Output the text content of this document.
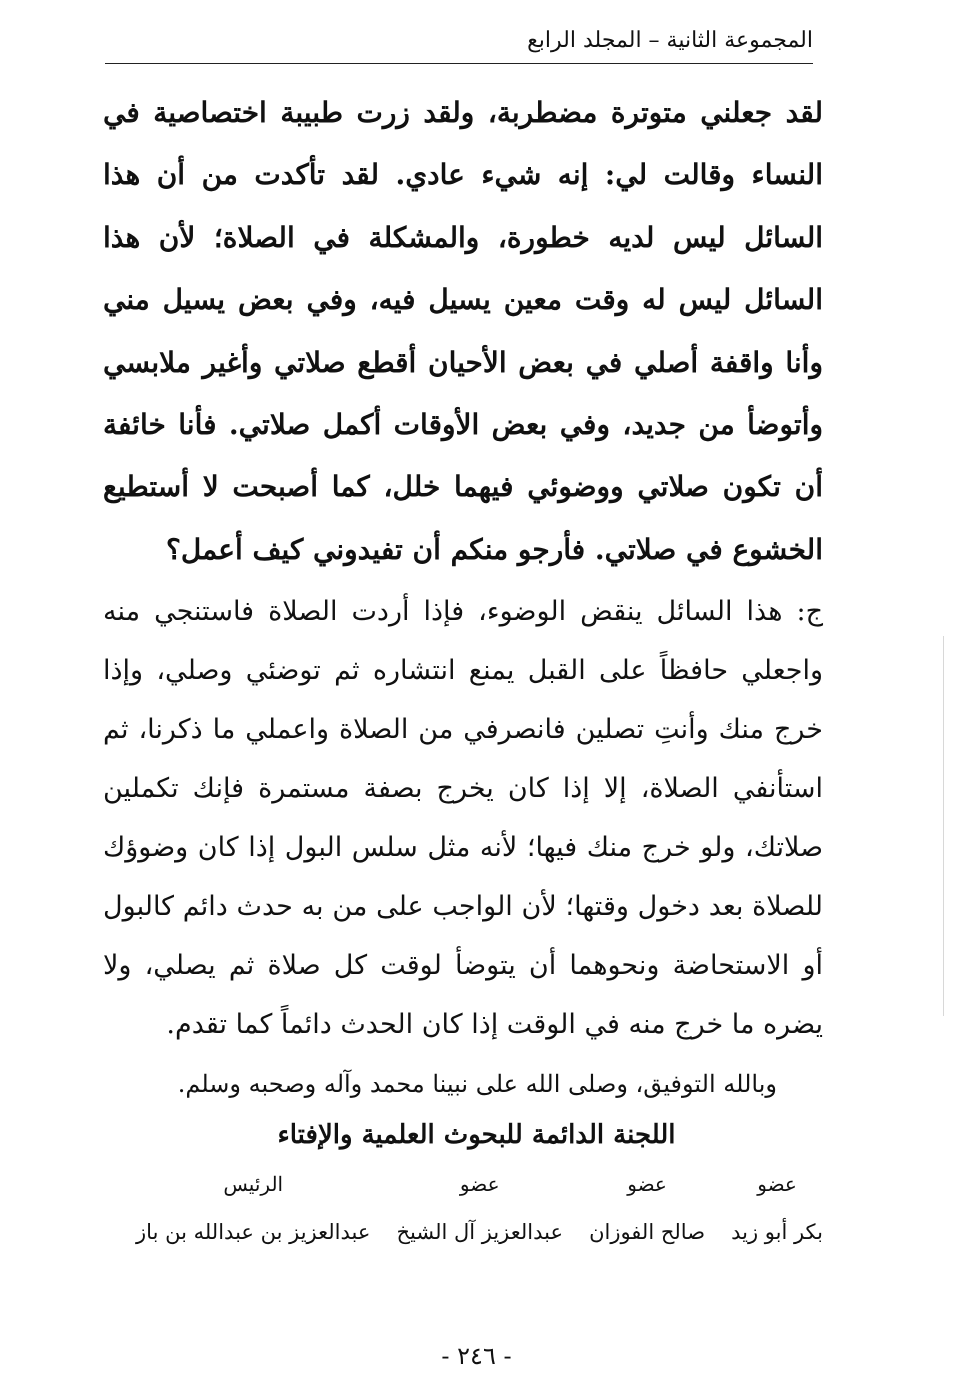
المجموعة الثانية – المجلد الرابع

لقد جعلني متوترة مضطربة، ولقد زرت طبيبة اختصاصية في النساء وقالت لي: إنه شيء عادي. لقد تأكدت من أن هذا السائل ليس لديه خطورة، والمشكلة في الصلاة؛ لأن هذا السائل ليس له وقت معين يسيل فيه، وفي بعض يسيل مني وأنا واقفة أصلي في بعض الأحيان أقطع صلاتي وأغير ملابسي وأتوضأ من جديد، وفي بعض الأوقات أكمل صلاتي. فأنا خائفة أن تكون صلاتي ووضوئي فيهما خلل، كما أصبحت لا أستطيع الخشوع في صلاتي. فأرجو منكم أن تفيدوني كيف أعمل؟

ج: هذا السائل ينقض الوضوء، فإذا أردت الصلاة فاستنجي منه واجعلي حافظاً على القبل يمنع انتشاره ثم توضئي وصلي، وإذا خرج منك وأنتِ تصلين فانصرفي من الصلاة واعملي ما ذكرنا، ثم استأنفي الصلاة، إلا إذا كان يخرج بصفة مستمرة فإنك تكملين صلاتك، ولو خرج منك فيها؛ لأنه مثل سلس البول إذا كان وضوؤك للصلاة بعد دخول وقتها؛ لأن الواجب على من به حدث دائم كالبول أو الاستحاضة ونحوهما أن يتوضأ لوقت كل صلاة ثم يصلي، ولا يضره ما خرج منه في الوقت إذا كان الحدث دائماً كما تقدم.

وبالله التوفيق، وصلى الله على نبينا محمد وآله وصحبه وسلم.
اللجنة الدائمة للبحوث العلمية والإفتاء
عضو
بكر أبو زيد
عضو
صالح الفوزان
عضو
عبدالعزيز آل الشيخ
الرئيس
عبدالعزيز بن عبدالله بن باز
- ٢٤٦ -
